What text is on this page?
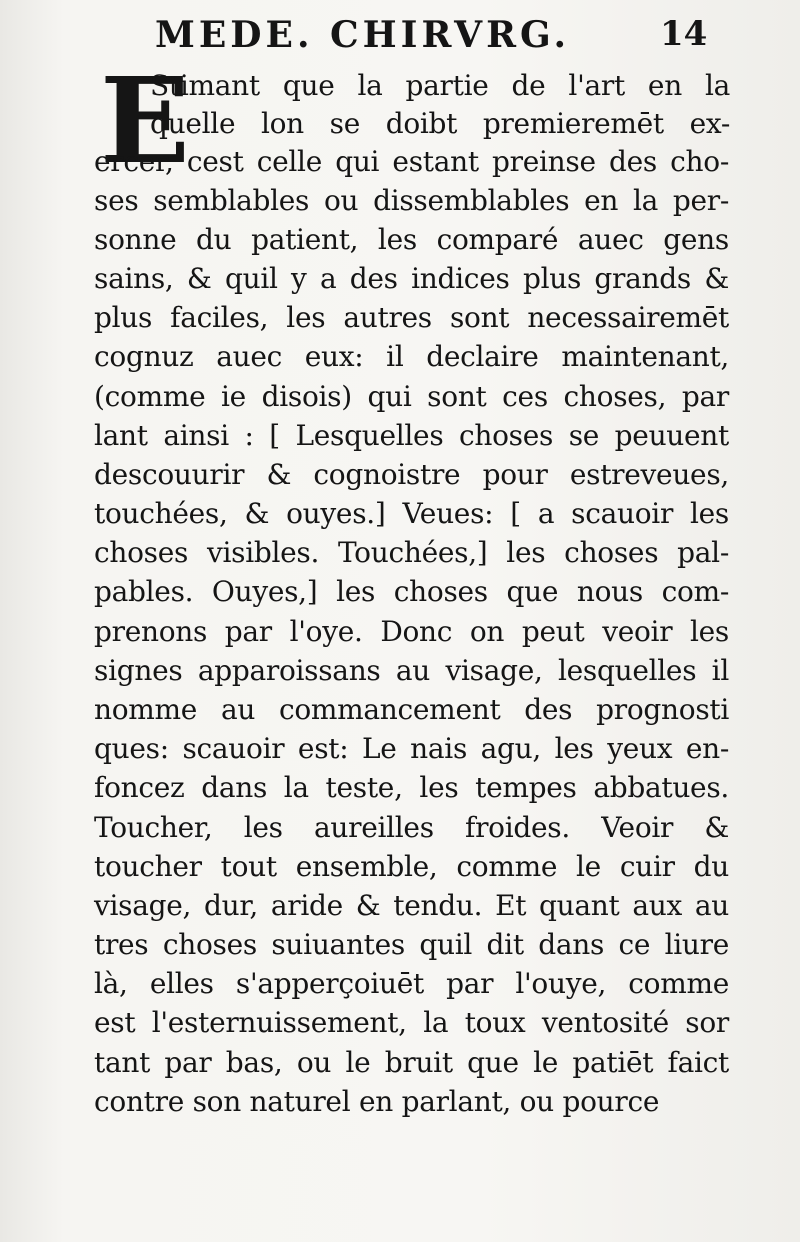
MEDE. CHIRVRG.	14
E
Stimant que la partie de l'art en la
quelle lon se doibt premieremēt ex-
ercer, cest celle qui estant preinse des cho-
ses semblables ou dissemblables en la per-
sonne du patient, les comparé auec gens
sains, & quil y a des indices plus grands &
plus faciles, les autres sont necessairemēt
cognuz auec eux: il declaire maintenant,
(comme ie disois) qui sont ces choses, par
lant ainsi : [ Lesquelles choses se peuuent
descouurir & cognoistre pour estreveues,
touchées, & ouyes.] Veues: [ a scauoir les
choses visibles. Touchées,] les choses pal-
pables. Ouyes,] les choses que nous com-
prenons par l'oye. Donc on peut veoir les
signes apparoissans au visage, lesquelles il
nomme au commancement des prognosti
ques: scauoir est: Le nais agu, les yeux en-
foncez dans la teste, les tempes abbatues.
Toucher, les aureilles froides. Veoir &
toucher tout ensemble, comme le cuir du
visage, dur, aride & tendu. Et quant aux au
tres choses suiuantes quil dit dans ce liure
là, elles s'apperçoiuēt par l'ouye, comme
est l'esternuissement, la toux ventosité sor
tant par bas, ou le bruit que le patiēt faict
contre son naturel en parlant, ou pource
